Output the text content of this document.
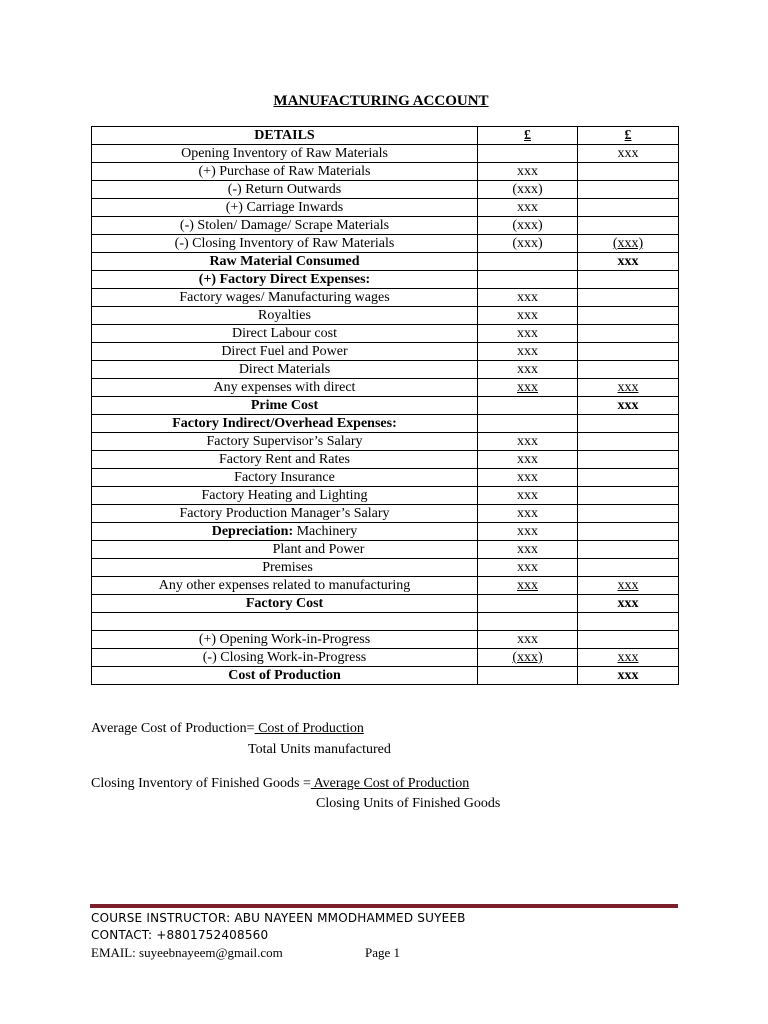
MANUFACTURING ACCOUNT
DETAILS	£	£
Opening Inventory of Raw Materials		xxx
(+) Purchase of Raw Materials	xxx	
(-) Return Outwards	(xxx)	
(+) Carriage Inwards	xxx	
(-) Stolen/ Damage/ Scrape Materials	(xxx)	
(-) Closing Inventory of Raw Materials	(xxx)	(xxx)
Raw Material Consumed		xxx
(+) Factory Direct Expenses:		
Factory wages/ Manufacturing wages	xxx	
Royalties	xxx	
Direct Labour cost	xxx	
Direct Fuel and Power	xxx	
Direct Materials	xxx	
Any expenses with direct	xxx	xxx
Prime Cost		xxx
Factory Indirect/Overhead Expenses:		
Factory Supervisor’s Salary	xxx	
Factory Rent and Rates	xxx	
Factory Insurance	xxx	
Factory Heating and Lighting	xxx	
Factory Production Manager’s Salary	xxx	
Depreciation: Machinery	xxx	
Plant and Power	xxx	
Premises	xxx	
Any other expenses related to manufacturing	xxx	xxx
Factory Cost		xxx

(+) Opening Work-in-Progress	xxx	
(-) Closing Work-in-Progress	(xxx)	xxx
Cost of Production		xxx
Average Cost of Production= Cost of Production
Total Units manufactured
Closing Inventory of Finished Goods = Average Cost of Production
Closing Units of Finished Goods
COURSE INSTRUCTOR: ABU NAYEEN MMODHAMMED SUYEEB
CONTACT: +8801752408560
EMAIL: suyeebnayeem@gmail.com	Page 1
